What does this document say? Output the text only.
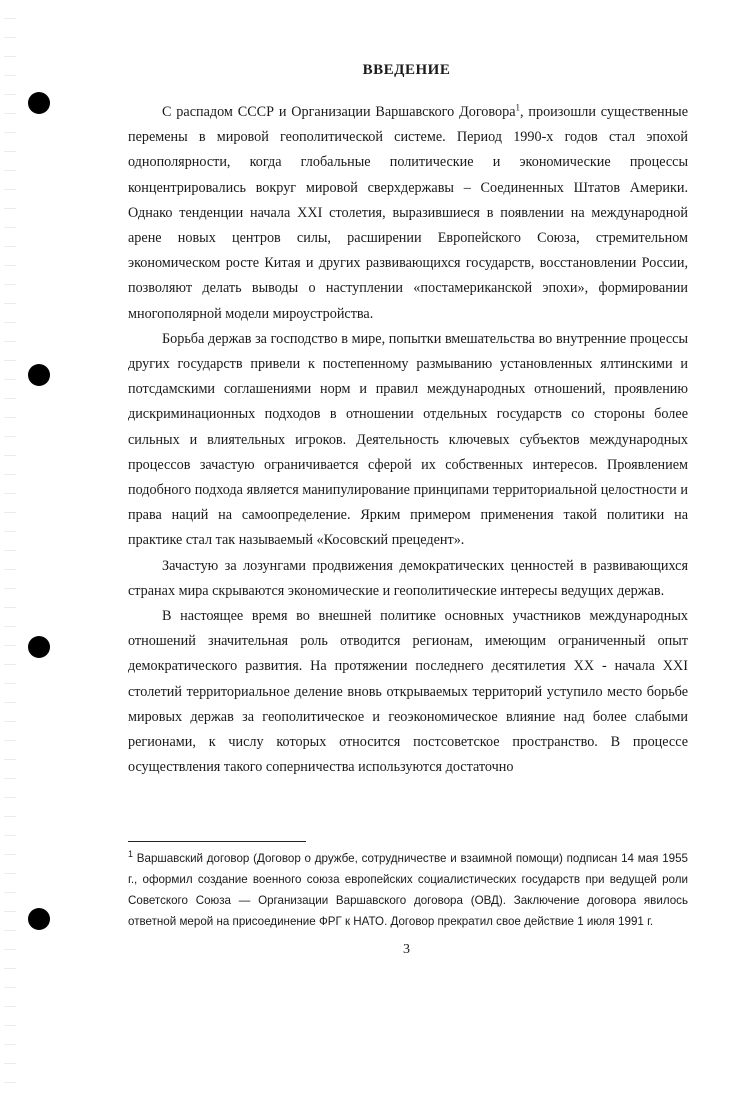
ВВЕДЕНИЕ

С распадом СССР и Организации Варшавского Договора$^1$, произошли существенные перемены в мировой геополитической системе. Период 1990-х годов стал эпохой однополярности, когда глобальные политические и экономические процессы концентрировались вокруг мировой сверхдержавы – Соединенных Штатов Америки. Однако тенденции начала XXI столетия, выразившиеся в появлении на международной арене новых центров силы, расширении Европейского Союза, стремительном экономическом росте Китая и других развивающихся государств, восстановлении России, позволяют делать выводы о наступлении «постамериканской эпохи», формировании многополярной модели мироустройства.

Борьба держав за господство в мире, попытки вмешательства во внутренние процессы других государств привели к постепенному размыванию установленных ялтинскими и потсдамскими соглашениями норм и правил международных отношений, проявлению дискриминационных подходов в отношении отдельных государств со стороны более сильных и влиятельных игроков. Деятельность ключевых субъектов международных процессов зачастую ограничивается сферой их собственных интересов. Проявлением подобного подхода является манипулирование принципами территориальной целостности и права наций на самоопределение. Ярким примером применения такой политики на практике стал так называемый «Косовский прецедент».

Зачастую за лозунгами продвижения демократических ценностей в развивающихся странах мира скрываются экономические и геополитические интересы ведущих держав.

В настоящее время во внешней политике основных участников международных отношений значительная роль отводится регионам, имеющим ограниченный опыт демократического развития. На протяжении последнего десятилетия XX - начала XXI столетий территориальное деление вновь открываемых территорий уступило место борьбе мировых держав за геополитическое и геоэкономическое влияние над более слабыми регионами, к числу которых относится постсоветское пространство. В процессе осуществления такого соперничества используются достаточно

$^1$ Варшавский договор (Договор о дружбе, сотрудничестве и взаимной помощи) подписан 14 мая 1955 г., оформил создание военного союза европейских социалистических государств при ведущей роли Советского Союза — Организации Варшавского договора (ОВД). Заключение договора явилось ответной мерой на присоединение ФРГ к НАТО. Договор прекратил свое действие 1 июля 1991 г.

3
